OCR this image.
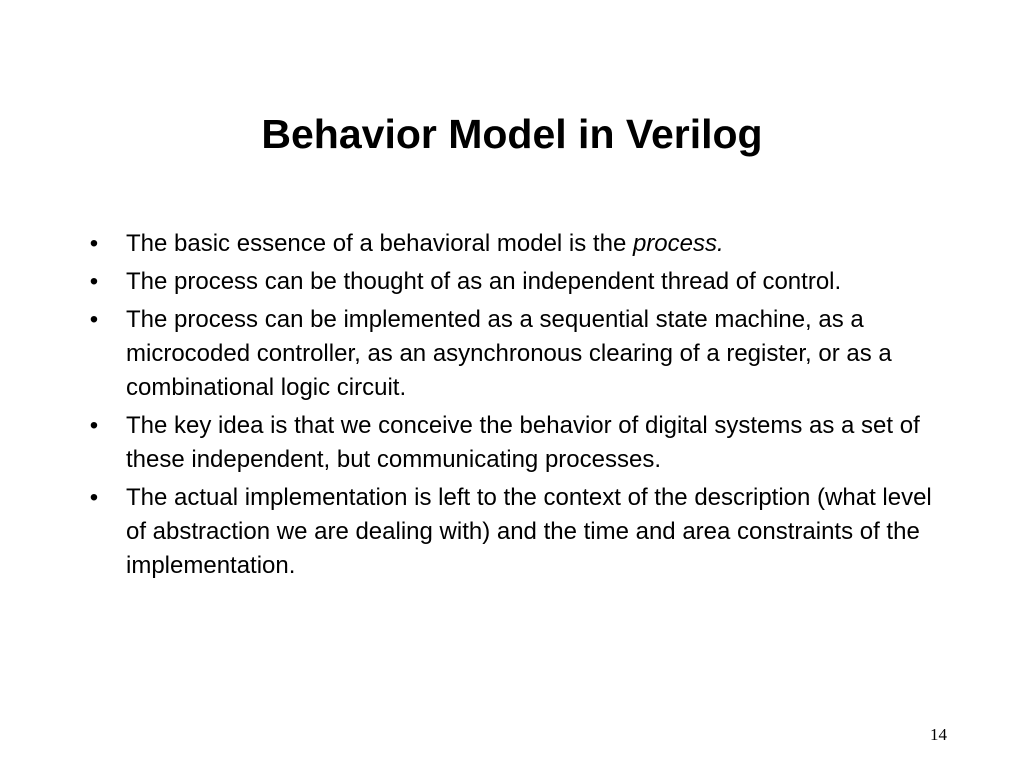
Behavior Model in Verilog
• The basic essence of a behavioral model is the process.
• The process can be thought of as an independent thread of control.
• The process can be implemented as a sequential state machine, as a microcoded controller, as an asynchronous clearing of a register, or as a combinational logic circuit.
• The key idea is that we conceive the behavior of digital systems as a set of these independent, but communicating processes.
• The actual implementation is left to the context of the description (what level of abstraction we are dealing with) and the time and area constraints of the implementation.
14
